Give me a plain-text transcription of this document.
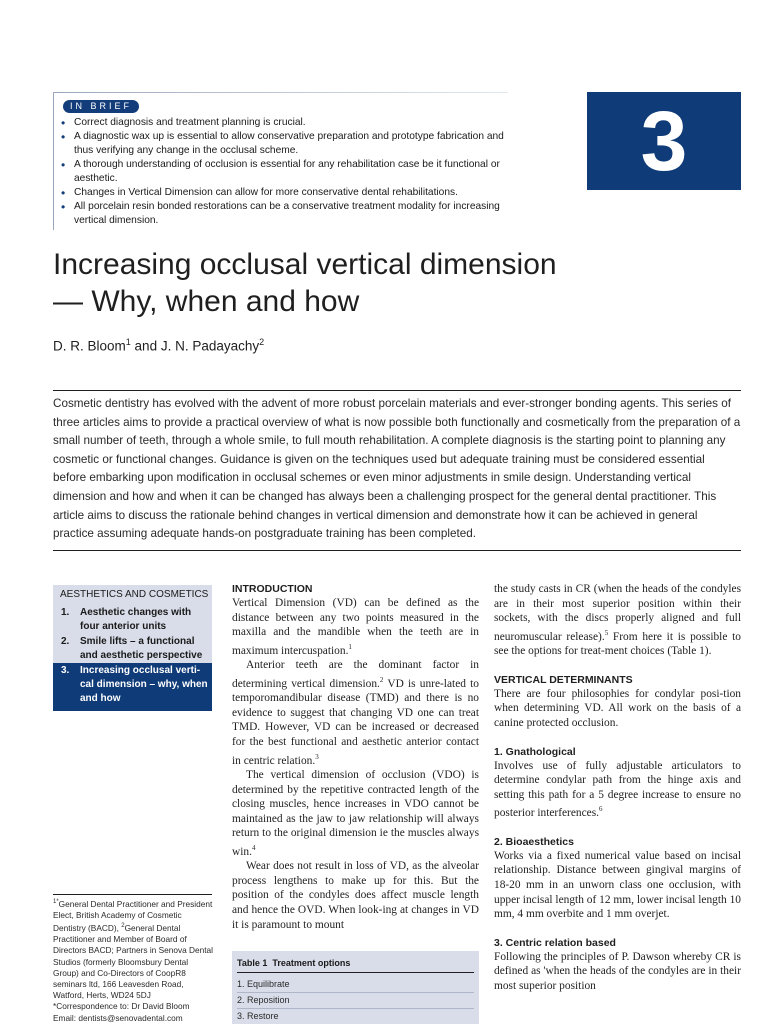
IN BRIEF
• Correct diagnosis and treatment planning is crucial.
• A diagnostic wax up is essential to allow conservative preparation and prototype fabrication and thus verifying any change in the occlusal scheme.
• A thorough understanding of occlusion is essential for any rehabilitation case be it functional or aesthetic.
• Changes in Vertical Dimension can allow for more conservative dental rehabilitations.
• All porcelain resin bonded restorations can be a conservative treatment modality for increasing vertical dimension.
3
Increasing occlusal vertical dimension
— Why, when and how
D. R. Bloom$^1$ and J. N. Padayachy$^2$

Cosmetic dentistry has evolved with the advent of more robust porcelain materials and ever-stronger bonding agents. This series of three articles aims to provide a practical overview of what is now possible both functionally and cosmetically from the preparation of a small number of teeth, through a whole smile, to full mouth rehabilitation. A complete diagnosis is the starting point to planning any cosmetic or functional changes. Guidance is given on the techniques used but adequate training must be considered essential before embarking upon modification in occlusal schemes or even minor adjustments in smile design. Understanding vertical dimension and how and when it can be changed has always been a challenging prospect for the general dental practitioner. This article aims to discuss the rationale behind changes in vertical dimension and demonstrate how it can be achieved in general practice assuming adequate hands-on postgraduate training has been completed.

AESTHETICS AND COSMETICS
1. Aesthetic changes with four anterior units
2. Smile lifts – a functional and aesthetic perspective
3. Increasing occlusal verti-cal dimension – why, when and how
$^{1*}$General Dental Practitioner and President Elect, British Academy of Cosmetic Dentistry (BACD), $^2$General Dental Practitioner and Member of Board of Directors BACD; Partners in Senova Dental Studios (formerly Bloomsbury Dental Group) and Co-Directors of CoopR8 seminars ltd, 166 Leavesden Road, Watford, Herts, WD24 5DJ
*Correspondence to: Dr David Bloom
Email: dentists@senovadental.com

INTRODUCTION

Vertical Dimension (VD) can be defined as the distance between any two points measured in the maxilla and the mandible when the teeth are in maximum intercuspation.$^1$

Anterior teeth are the dominant factor in determining vertical dimension.$^2$ VD is unre-lated to temporomandibular disease (TMD) and there is no evidence to suggest that changing VD one can treat TMD. However, VD can be increased or decreased for the best functional and aesthetic anterior contact in centric relation.$^3$

The vertical dimension of occlusion (VDO) is determined by the repetitive contracted length of the closing muscles, hence increases in VDO cannot be maintained as the jaw to jaw relationship will always return to the original dimension ie the muscles always win.$^4$

Wear does not result in loss of VD, as the alveolar process lengthens to make up for this. But the position of the condyles does affect muscle length and hence the OVD. When look-ing at changes in VD it is paramount to mount

Table 1 Treatment options
1. Equilibrate
2. Reposition
3. Restore

the study casts in CR (when the heads of the condyles are in their most superior position within their sockets, with the discs properly aligned and full neuromuscular release).$^5$ From here it is possible to see the options for treat-ment choices (Table 1).

VERTICAL DETERMINANTS

There are four philosophies for condylar posi-tion when determining VD. All work on the basis of a canine protected occlusion.

1. Gnathological

Involves use of fully adjustable articulators to determine condylar path from the hinge axis and setting this path for a 5 degree increase to ensure no posterior interferences.$^6$

2. Bioaesthetics

Works via a fixed numerical value based on incisal relationship. Distance between gingival margins of 18-20 mm in an unworn class one occlusion, with upper incisal length of 12 mm, lower incisal length 10 mm, 4 mm overbite and 1 mm overjet.

3. Centric relation based

Following the principles of P. Dawson whereby CR is defined as 'when the heads of the condyles are in their most superior position
